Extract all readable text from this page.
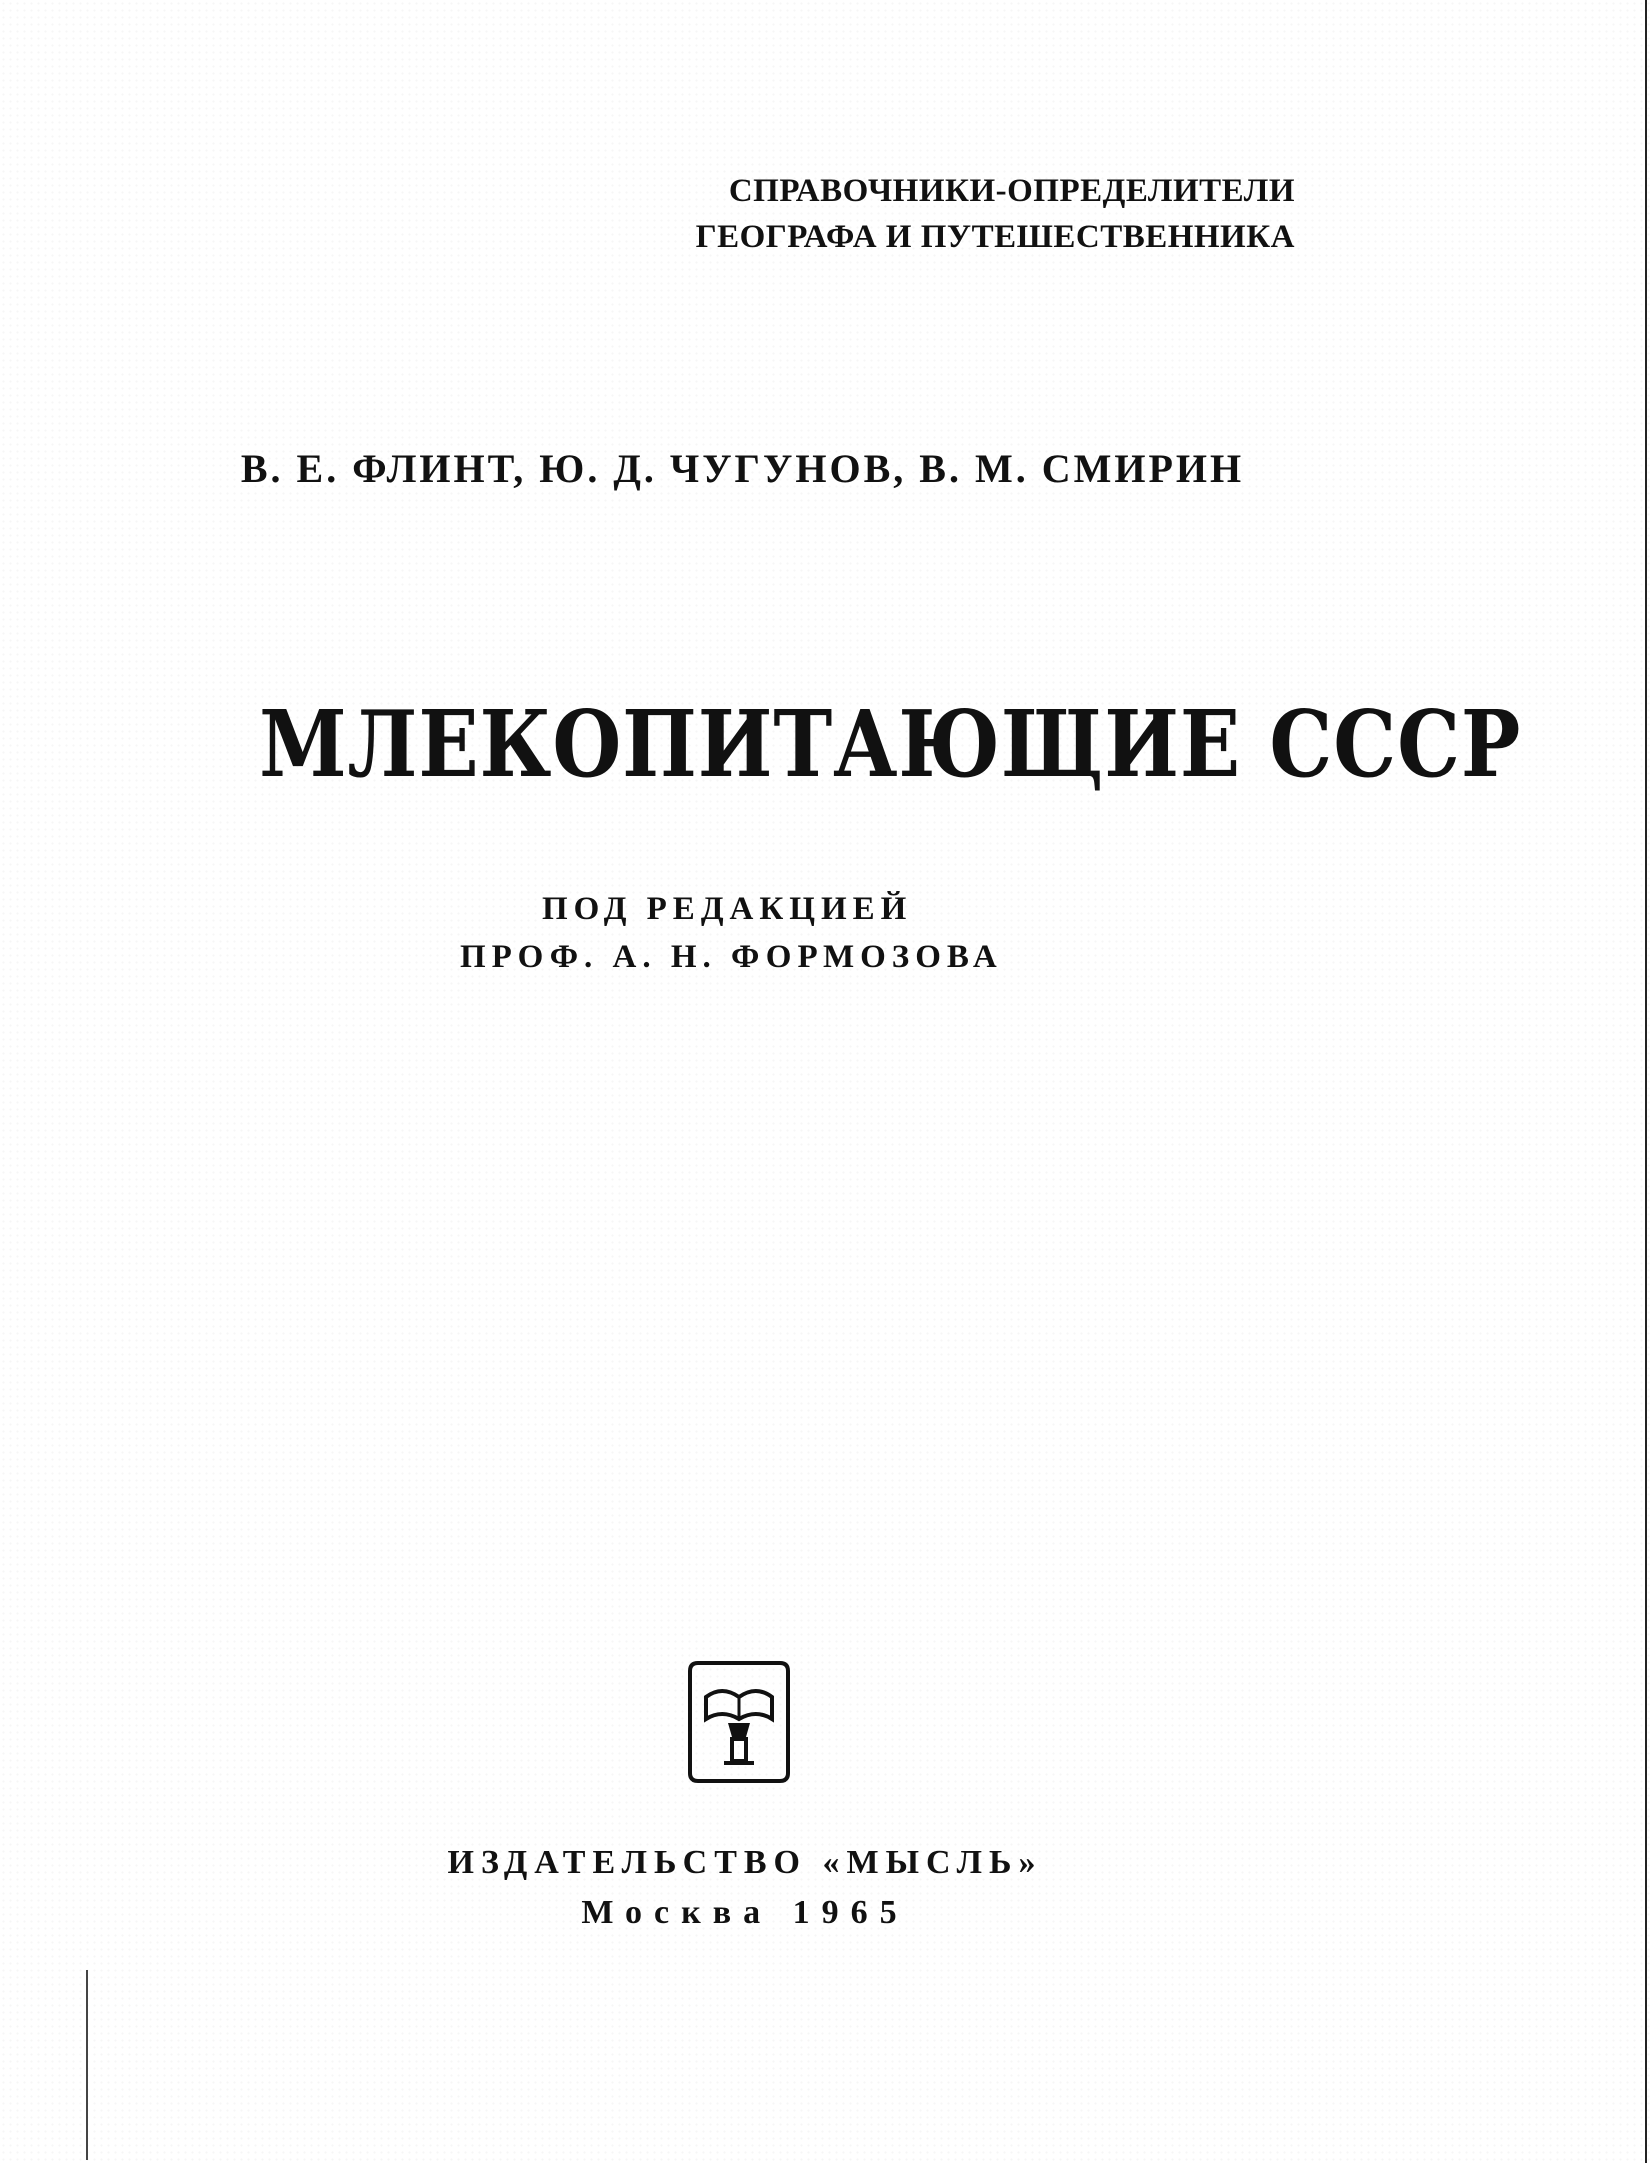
СПРАВОЧНИКИ-ОПРЕДЕЛИТЕЛИ
ГЕОГРАФА И ПУТЕШЕСТВЕННИКА
В. Е. ФЛИНТ, Ю. Д. ЧУГУНОВ, В. М. СМИРИН
МЛЕКОПИТАЮЩИЕ СССР
ПОД РЕДАКЦИЕЙ
ПРОФ. А. Н. ФОРМОЗОВА
ИЗДАТЕЛЬСТВО «МЫСЛЬ»
Москва 1965
